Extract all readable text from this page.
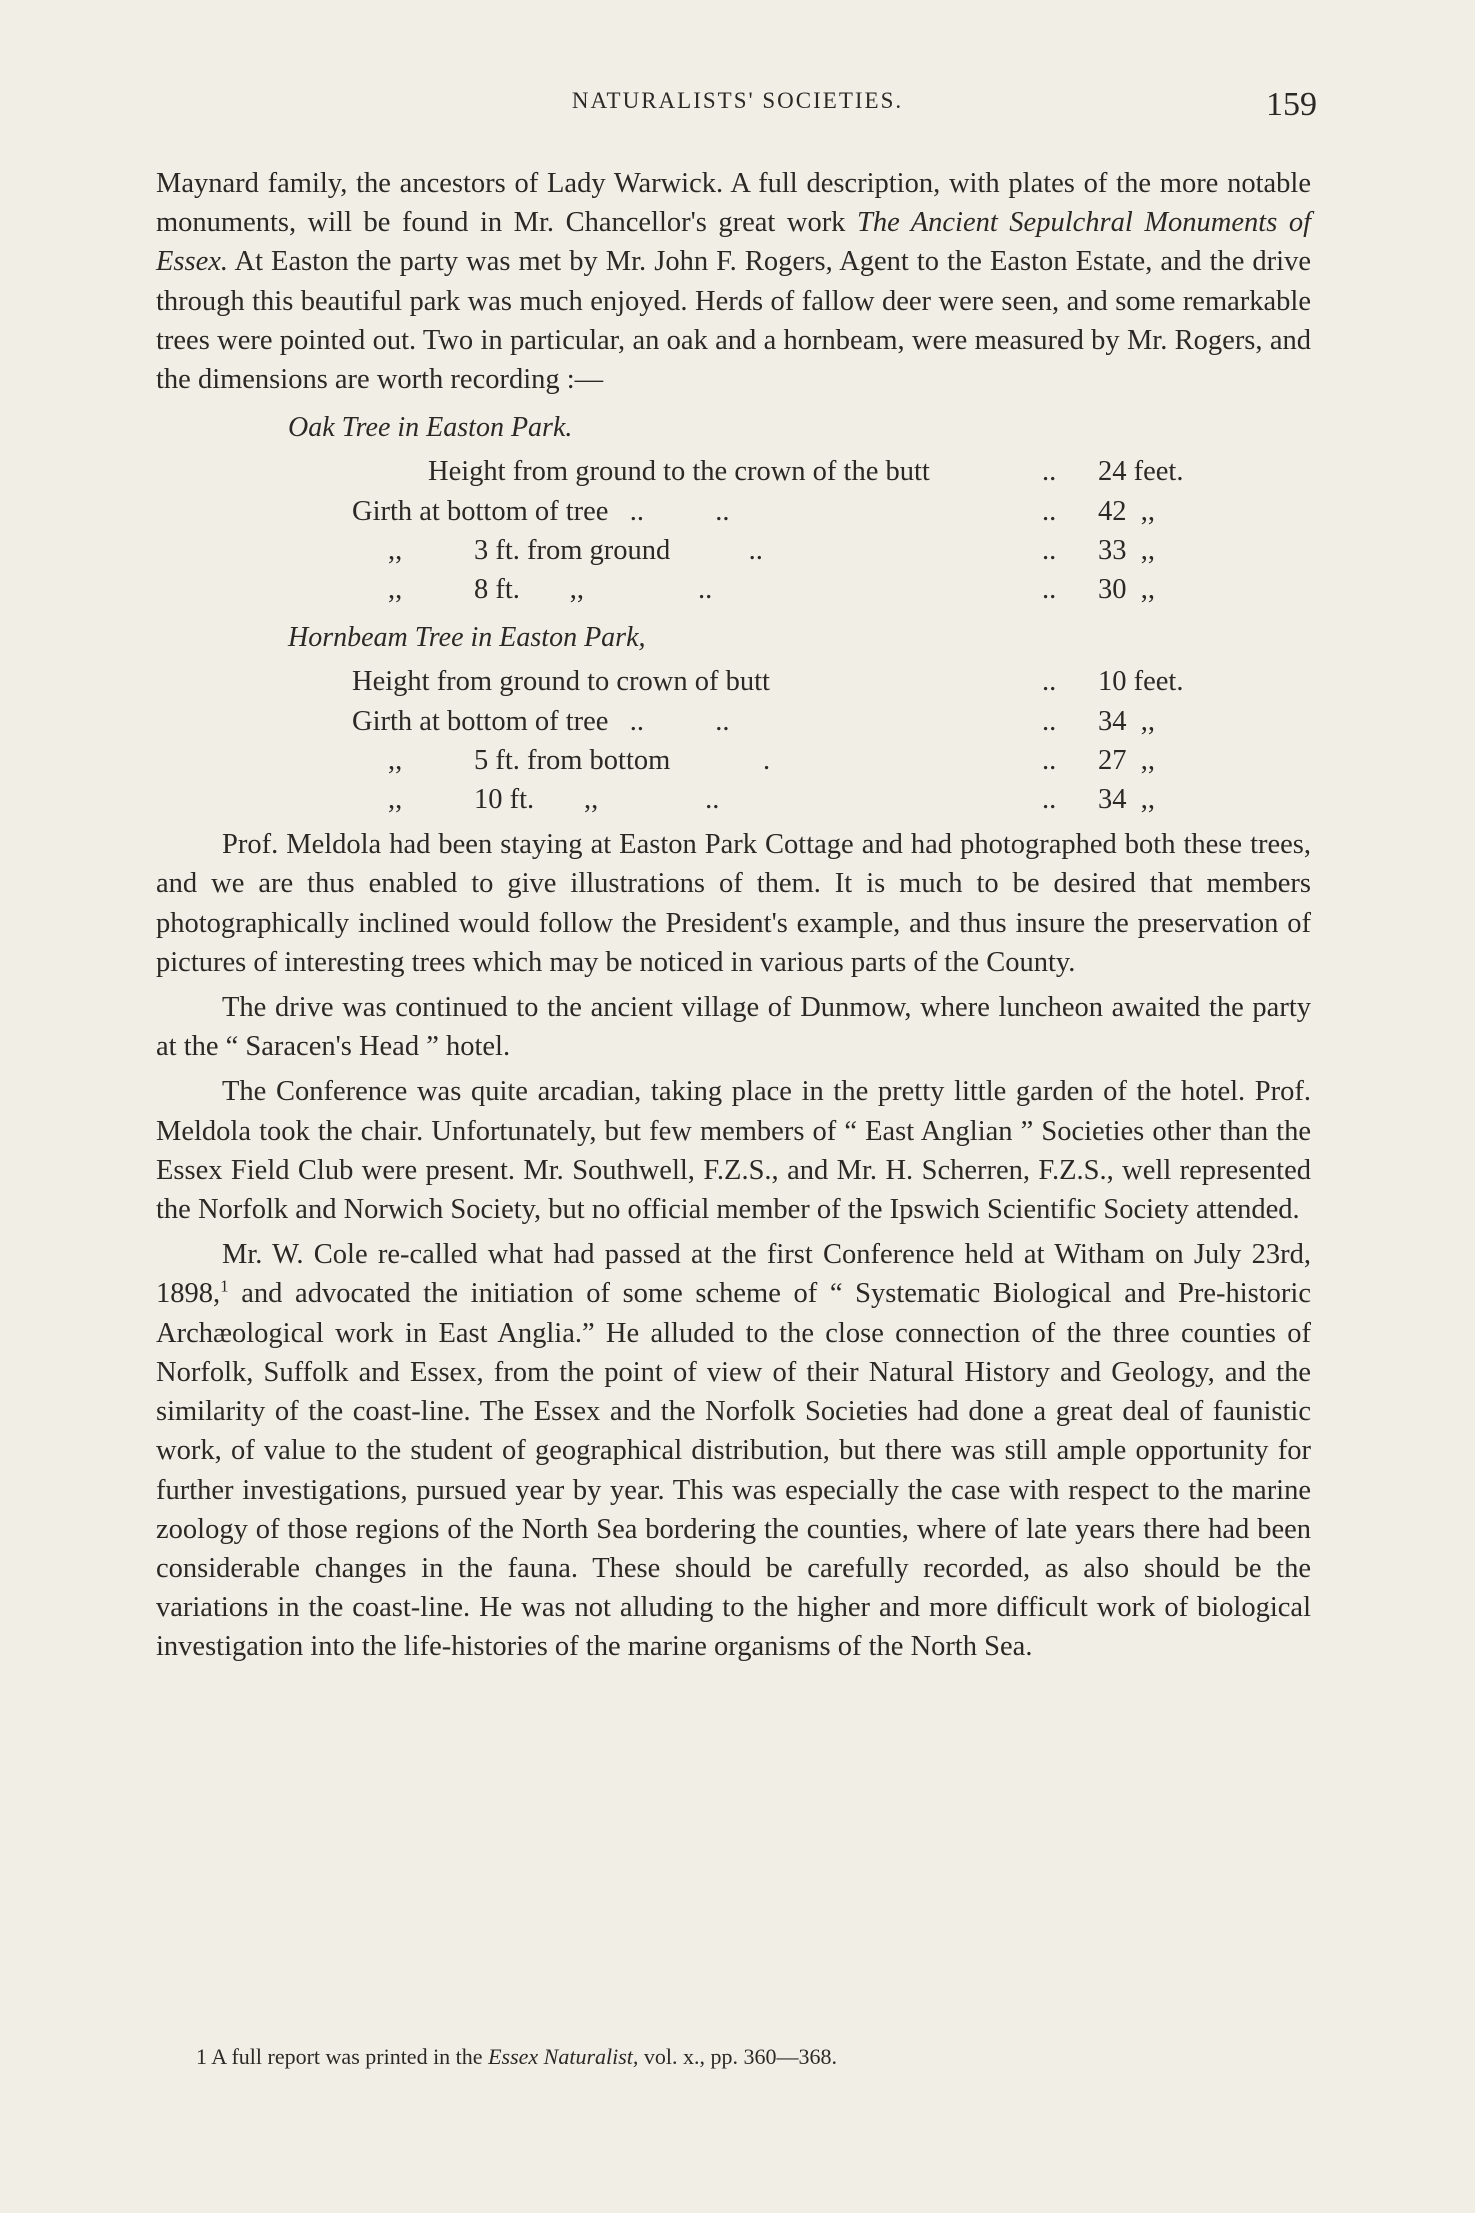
NATURALISTS' SOCIETIES.	159

Maynard family, the ancestors of Lady Warwick. A full description, with plates of the more notable monuments, will be found in Mr. Chancellor's great work The Ancient Sepulchral Monuments of Essex. At Easton the party was met by Mr. John F. Rogers, Agent to the Easton Estate, and the drive through this beautiful park was much enjoyed. Herds of fallow deer were seen, and some remarkable trees were pointed out. Two in particular, an oak and a hornbeam, were measured by Mr. Rogers, and the dimensions are worth recording :—

Oak Tree in Easton Park.
Height from ground to the crown of the butt	..	24 feet.
Girth at bottom of tree   ..          ..	..	42  ,,
,, 3 ft. from ground           ..	..	33  ,,
,, 8 ft.       ,,                ..	..	30  ,,
Hornbeam Tree in Easton Park,
Height from ground to crown of butt	..	10 feet.
Girth at bottom of tree   ..          ..	..	34  ,,
,, 5 ft. from bottom             .	..	27  ,,
,, 10 ft.       ,,               ..	..	34  ,,

Prof. Meldola had been staying at Easton Park Cottage and had photographed both these trees, and we are thus enabled to give illustrations of them. It is much to be desired that members photographically inclined would follow the President's example, and thus insure the preservation of pictures of interesting trees which may be noticed in various parts of the County.

The drive was continued to the ancient village of Dunmow, where luncheon awaited the party at the “ Saracen's Head ” hotel.

The Conference was quite arcadian, taking place in the pretty little garden of the hotel. Prof. Meldola took the chair. Unfortunately, but few members of “ East Anglian ” Societies other than the Essex Field Club were present. Mr. Southwell, F.Z.S., and Mr. H. Scherren, F.Z.S., well represented the Norfolk and Norwich Society, but no official member of the Ipswich Scientific Society attended.

Mr. W. Cole re-called what had passed at the first Conference held at Witham on July 23rd, 1898,$^1$ and advocated the initiation of some scheme of “ Systematic Biological and Pre-historic Archæological work in East Anglia.” He alluded to the close connection of the three counties of Norfolk, Suffolk and Essex, from the point of view of their Natural History and Geology, and the similarity of the coast-line. The Essex and the Norfolk Societies had done a great deal of faunistic work, of value to the student of geographical distribution, but there was still ample opportunity for further investigations, pursued year by year. This was especially the case with respect to the marine zoology of those regions of the North Sea bordering the counties, where of late years there had been considerable changes in the fauna. These should be carefully recorded, as also should be the variations in the coast-line. He was not alluding to the higher and more difficult work of biological investigation into the life-histories of the marine organisms of the North Sea.

1 A full report was printed in the Essex Naturalist, vol. x., pp. 360—368.
